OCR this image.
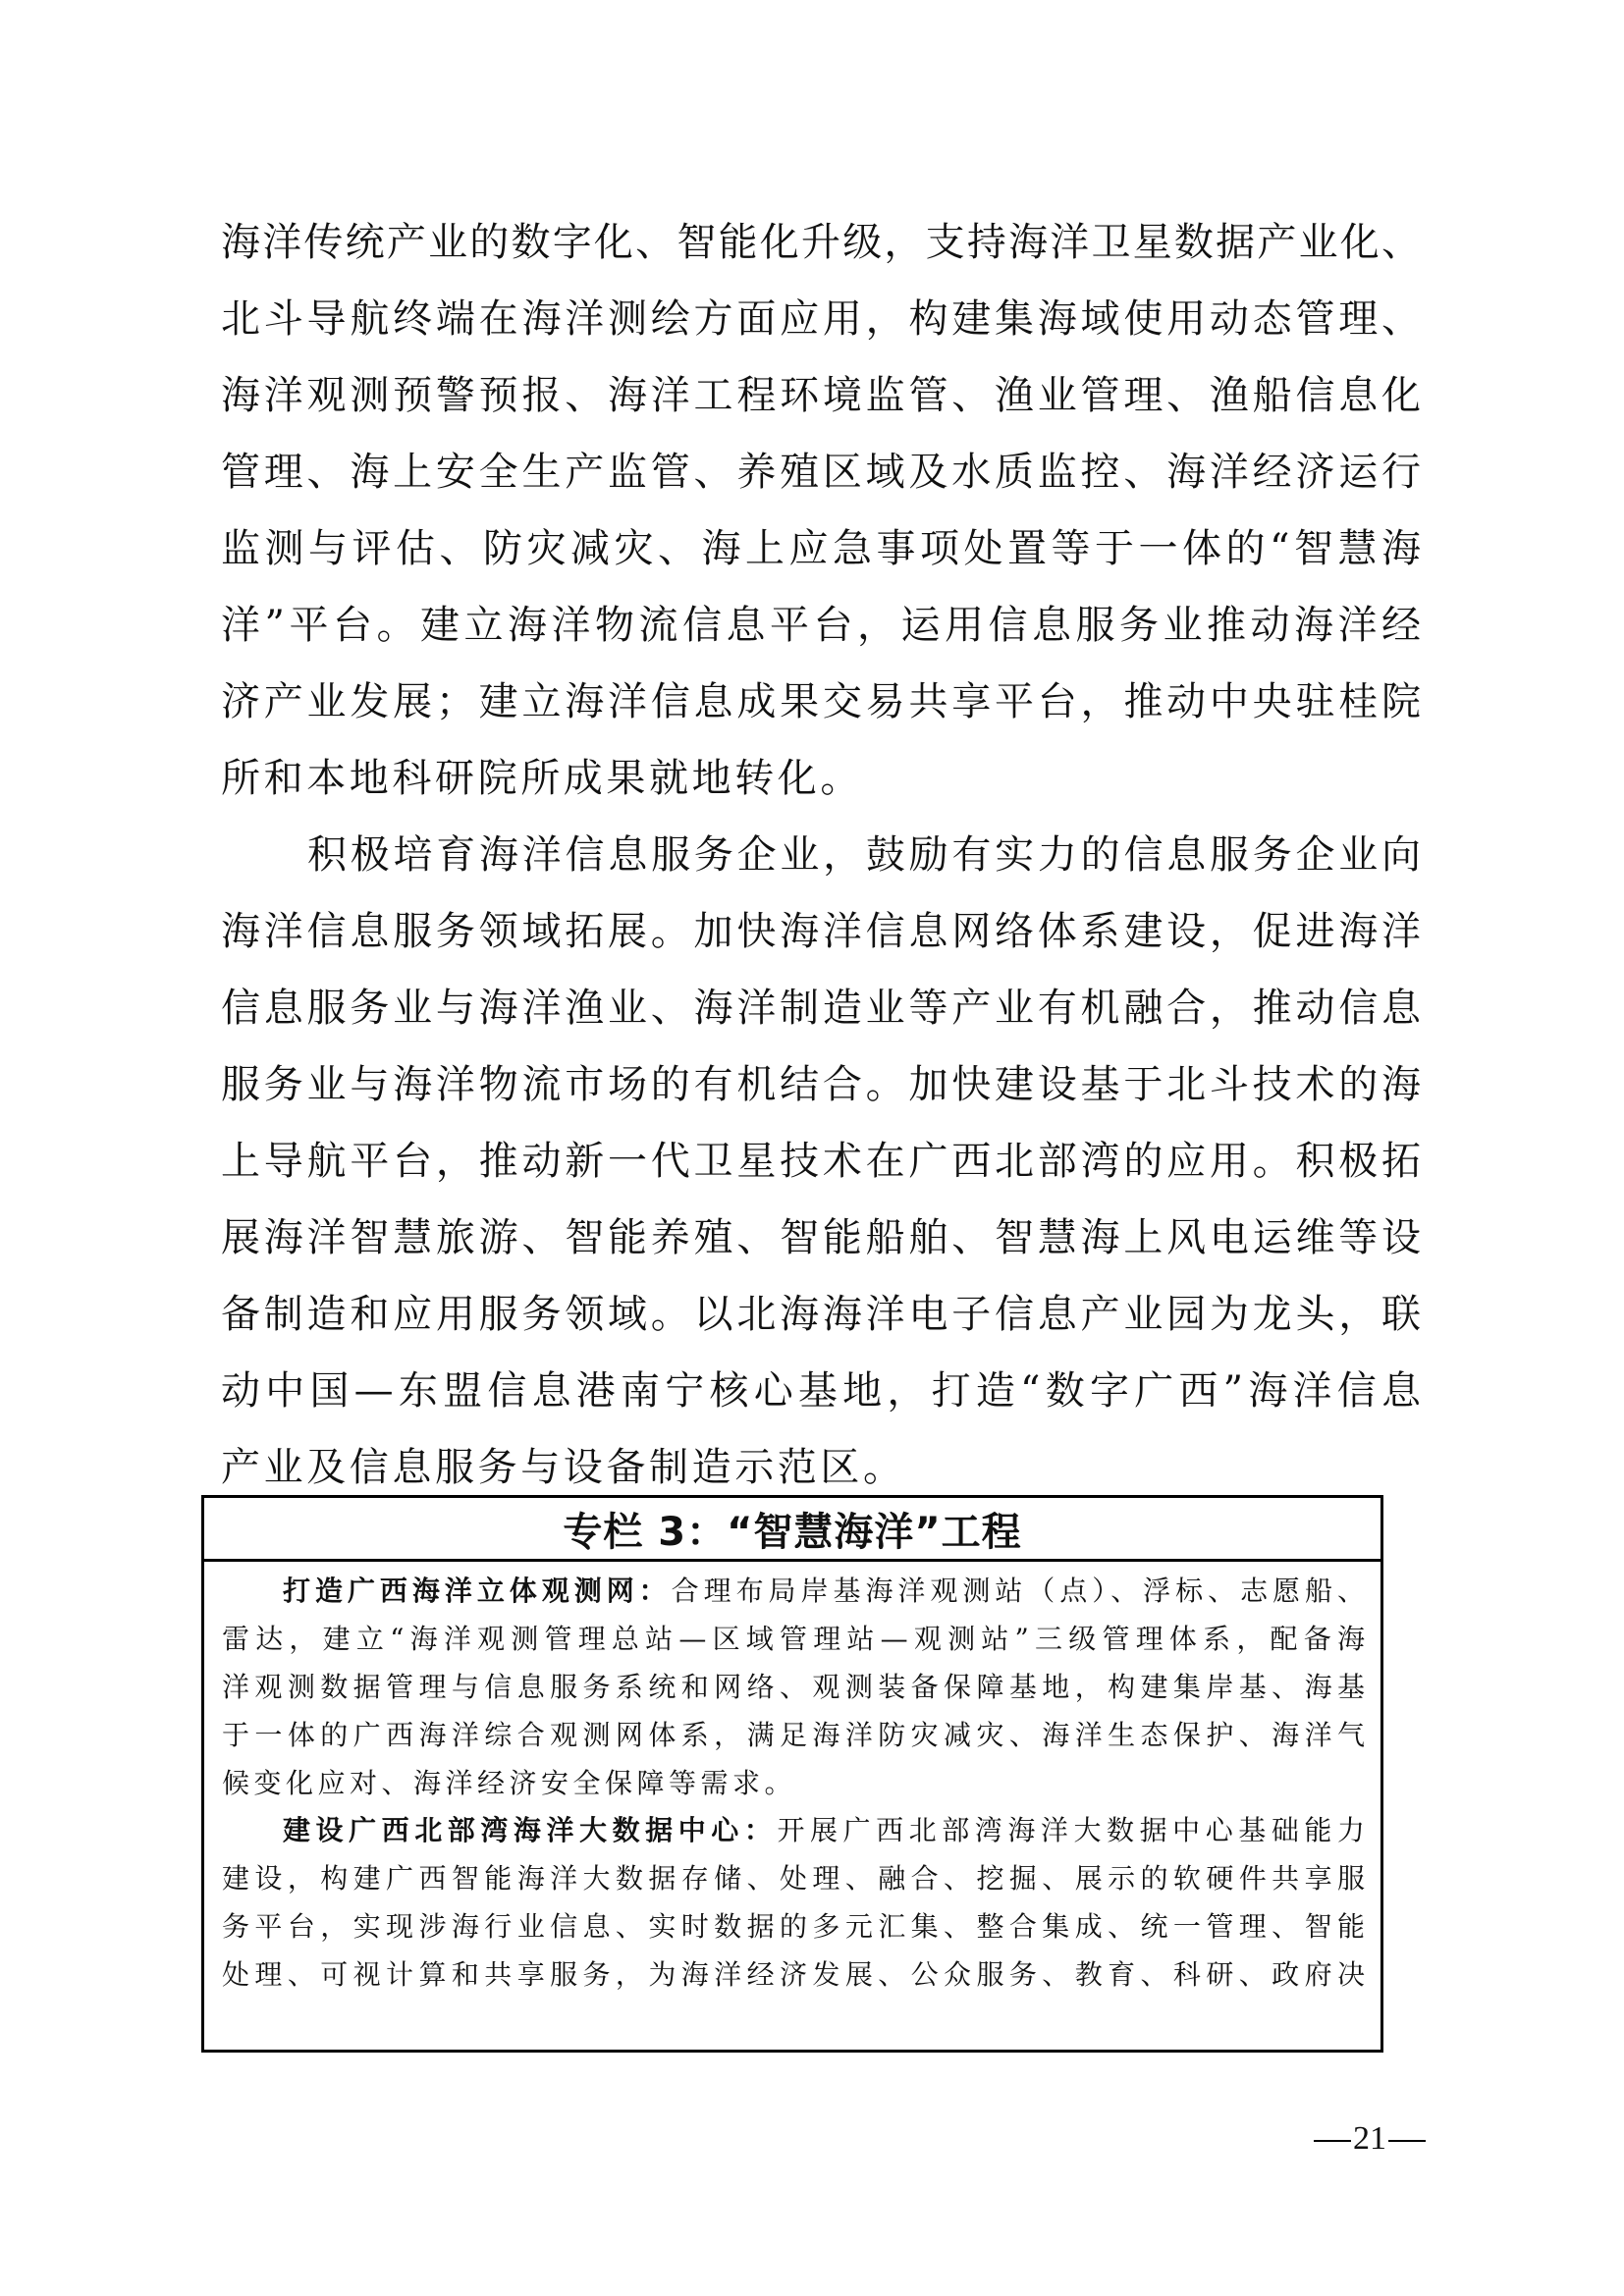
海洋传统产业的数字化、智能化升级，支持海洋卫星数据产业化、
北斗导航终端在海洋测绘方面应用，构建集海域使用动态管理、
海洋观测预警预报、海洋工程环境监管、渔业管理、渔船信息化
管理、海上安全生产监管、养殖区域及水质监控、海洋经济运行
监测与评估、防灾减灾、海上应急事项处置等于一体的“智慧海
洋”平台。建立海洋物流信息平台，运用信息服务业推动海洋经
济产业发展；建立海洋信息成果交易共享平台，推动中央驻桂院
所和本地科研院所成果就地转化。
积极培育海洋信息服务企业，鼓励有实力的信息服务企业向
海洋信息服务领域拓展。加快海洋信息网络体系建设，促进海洋
信息服务业与海洋渔业、海洋制造业等产业有机融合，推动信息
服务业与海洋物流市场的有机结合。加快建设基于北斗技术的海
上导航平台，推动新一代卫星技术在广西北部湾的应用。积极拓
展海洋智慧旅游、智能养殖、智能船舶、智慧海上风电运维等设
备制造和应用服务领域。以北海海洋电子信息产业园为龙头，联
动中国—东盟信息港南宁核心基地，打造“数字广西”海洋信息
产业及信息服务与设备制造示范区。
专栏 3：“智慧海洋”工程
打造广西海洋立体观测网：合理布局岸基海洋观测站（点）、浮标、志愿船、
雷达，建立“海洋观测管理总站—区域管理站—观测站”三级管理体系，配备海
洋观测数据管理与信息服务系统和网络、观测装备保障基地，构建集岸基、海基
于一体的广西海洋综合观测网体系，满足海洋防灾减灾、海洋生态保护、海洋气
候变化应对、海洋经济安全保障等需求。
建设广西北部湾海洋大数据中心：开展广西北部湾海洋大数据中心基础能力
建设，构建广西智能海洋大数据存储、处理、融合、挖掘、展示的软硬件共享服
务平台，实现涉海行业信息、实时数据的多元汇集、整合集成、统一管理、智能
处理、可视计算和共享服务，为海洋经济发展、公众服务、教育、科研、政府决
21
